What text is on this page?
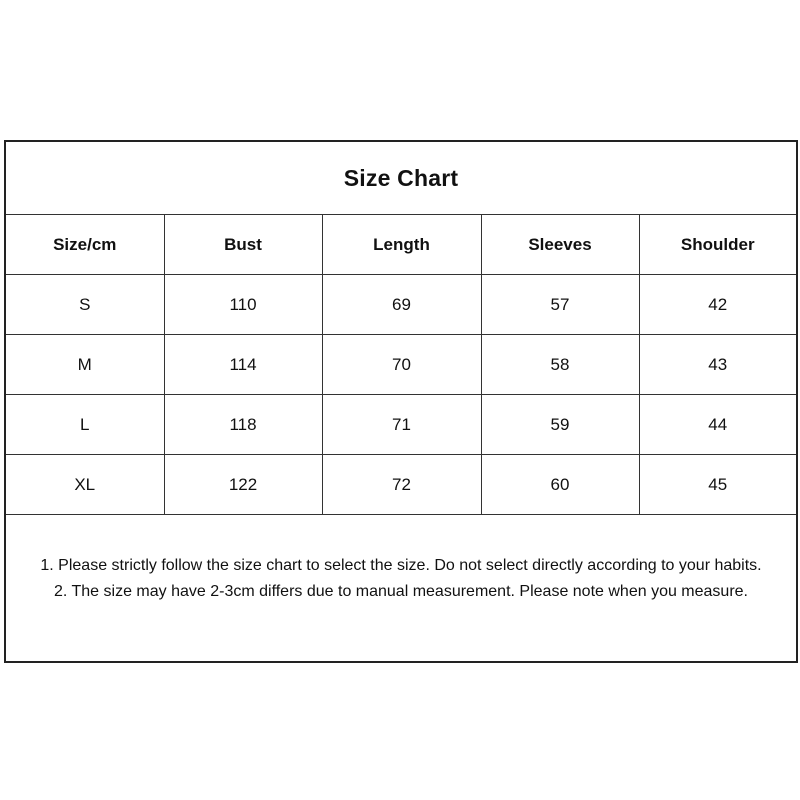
Size Chart
Size/cm	Bust	Length	Sleeves	Shoulder
S	110	69	57	42
M	114	70	58	43
L	118	71	59	44
XL	122	72	60	45

1. Please strictly follow the size chart to select the size. Do not select directly according to your habits.

2. The size may have 2-3cm differs due to manual measurement. Please note when you measure.
